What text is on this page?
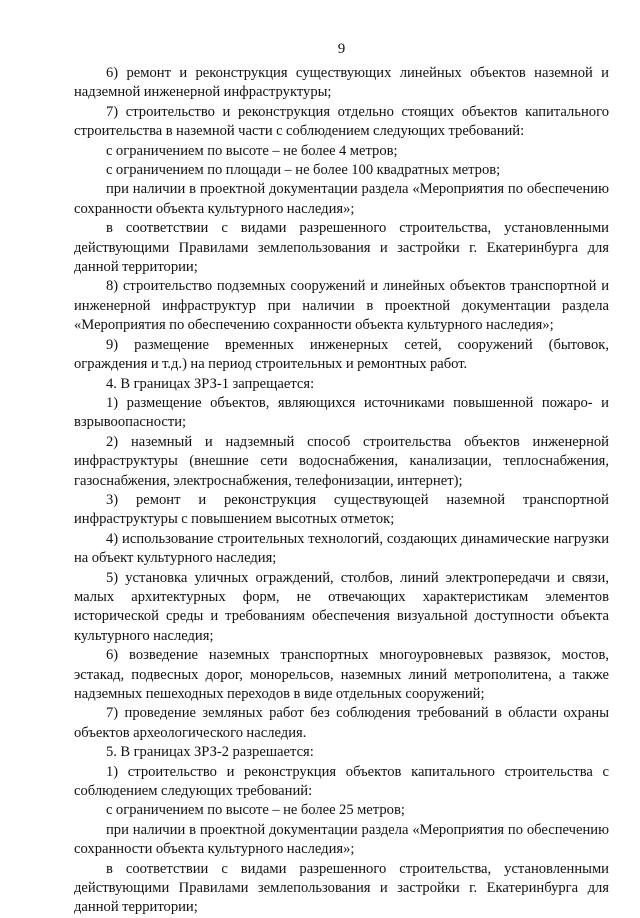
9

6) ремонт и реконструкция существующих линейных объектов наземной и надземной инженерной инфраструктуры;

7) строительство и реконструкция отдельно стоящих объектов капитального строительства в наземной части с соблюдением следующих требований:

с ограничением по высоте – не более 4 метров;

с ограничением по площади – не более 100 квадратных метров;

при наличии в проектной документации раздела «Мероприятия по обеспечению сохранности объекта культурного наследия»;

в соответствии с видами разрешенного строительства, установленными действующими Правилами землепользования и застройки г. Екатеринбурга для данной территории;

8) строительство подземных сооружений и линейных объектов транспортной и инженерной инфраструктур при наличии в проектной документации раздела «Мероприятия по обеспечению сохранности объекта культурного наследия»;

9) размещение временных инженерных сетей, сооружений (бытовок, ограждения и т.д.) на период строительных и ремонтных работ.

4. В границах ЗРЗ-1 запрещается:

1) размещение объектов, являющихся источниками повышенной пожаро- и взрывоопасности;

2) наземный и надземный способ строительства объектов инженерной инфраструктуры (внешние сети водоснабжения, канализации, теплоснабжения, газоснабжения, электроснабжения, телефонизации, интернет);

3) ремонт и реконструкция существующей наземной транспортной инфраструктуры с повышением высотных отметок;

4) использование строительных технологий, создающих динамические нагрузки на объект культурного наследия;

5) установка уличных ограждений, столбов, линий электропередачи и связи, малых архитектурных форм, не отвечающих характеристикам элементов исторической среды и требованиям обеспечения визуальной доступности объекта культурного наследия;

6) возведение наземных транспортных многоуровневых развязок, мостов, эстакад, подвесных дорог, монорельсов, наземных линий метрополитена, а также надземных пешеходных переходов в виде отдельных сооружений;

7) проведение земляных работ без соблюдения требований в области охраны объектов археологического наследия.

5. В границах ЗРЗ-2 разрешается:

1) строительство и реконструкция объектов капитального строительства с соблюдением следующих требований:

с ограничением по высоте – не более 25 метров;

при наличии в проектной документации раздела «Мероприятия по обеспечению сохранности объекта культурного наследия»;

в соответствии с видами разрешенного строительства, установленными действующими Правилами землепользования и застройки г. Екатеринбурга для данной территории;
